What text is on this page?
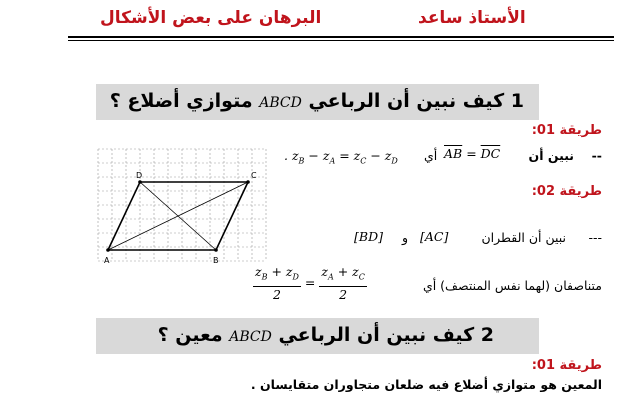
الأستاذ ساعد
البرهان على بعض الأشكال
1 كيف نبين أن الرباعي ABCD متوازي أضلاع ؟
طريقة 01:
--
نبين أن
$\overline{AB} = \overline{DC}$
أي
. $z_B - z_A = z_C - z_D$
A	B
C
D
طريقة 02:
---
نبين أن القطران
[AC]
و
[BD]
متناصفان (لهما نفس المنتصف) أي
$\frac{z_B + z_D}{2} = \frac{z_A + z_C}{2}$
2 كيف نبين أن الرباعي ABCD معين ؟
طريقة 01:
المعين هو متوازي أضلاع فيه ضلعان متجاوران متقايسان .
